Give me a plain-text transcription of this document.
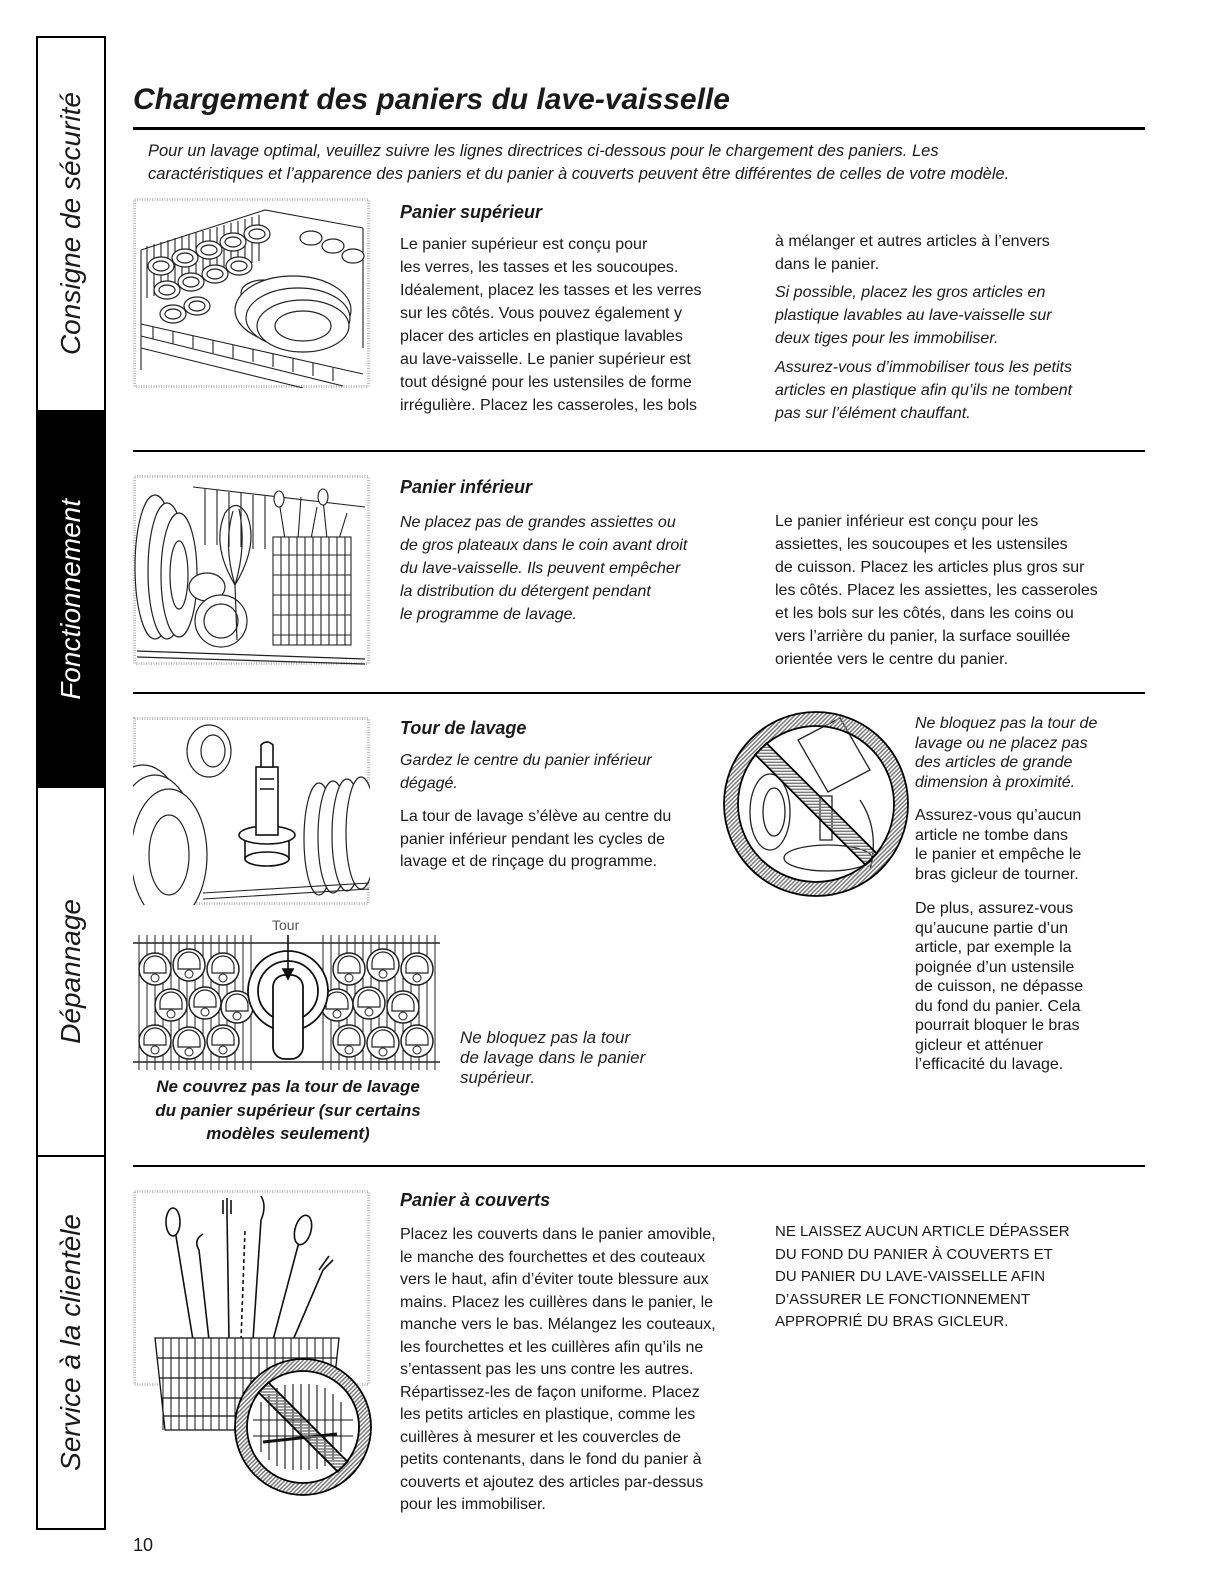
Consigne de sécurité
Fonctionnement
Dépannage
Service à la clientèle
Chargement des paniers du lave-vaisselle

Pour un lavage optimal, veuillez suivre les lignes directrices ci-dessous pour le chargement des paniers. Les
caractéristiques et l’apparence des paniers et du panier à couverts peuvent être différentes de celles de votre modèle.

Panier supérieur

Le panier supérieur est conçu pour
les verres, les tasses et les soucoupes.
Idéalement, placez les tasses et les verres
sur les côtés. Vous pouvez également y
placer des articles en plastique lavables
au lave-vaisselle. Le panier supérieur est
tout désigné pour les ustensiles de forme
irrégulière. Placez les casseroles, les bols

à mélanger et autres articles à l’envers
dans le panier.

Si possible, placez les gros articles en
plastique lavables au lave-vaisselle sur
deux tiges pour les immobiliser.

Assurez-vous d’immobiliser tous les petits
articles en plastique afin qu’ils ne tombent
pas sur l’élément chauffant.

Panier inférieur

Ne placez pas de grandes assiettes ou
de gros plateaux dans le coin avant droit
du lave-vaisselle. Ils peuvent empêcher
la distribution du détergent pendant
le programme de lavage.

Le panier inférieur est conçu pour les
assiettes, les soucoupes et les ustensiles
de cuisson. Placez les articles plus gros sur
les côtés. Placez les assiettes, les casseroles
et les bols sur les côtés, dans les coins ou
vers l’arrière du panier, la surface souillée
orientée vers le centre du panier.

Tour de lavage

Gardez le centre du panier inférieur
dégagé.

La tour de lavage s’élève au centre du
panier inférieur pendant les cycles de
lavage et de rinçage du programme.

Ne bloquez pas la tour de
lavage ou ne placez pas
des articles de grande
dimension à proximité.

Assurez-vous qu’aucun
article ne tombe dans
le panier et empêche le
bras gicleur de tourner.

De plus, assurez-vous
qu’aucune partie d’un
article, par exemple la
poignée d’un ustensile
de cuisson, ne dépasse
du fond du panier. Cela
pourrait bloquer le bras
gicleur et atténuer
l’efficacité du lavage.

Tour

Ne couvrez pas la tour de lavage
du panier supérieur (sur certains
modèles seulement)

Ne bloquez pas la tour
de lavage dans le panier
supérieur.

Panier à couverts

Placez les couverts dans le panier amovible,
le manche des fourchettes et des couteaux
vers le haut, afin d’éviter toute blessure aux
mains. Placez les cuillères dans le panier, le
manche vers le bas. Mélangez les couteaux,
les fourchettes et les cuillères afin qu’ils ne
s’entassent pas les uns contre les autres.
Répartissez-les de façon uniforme. Placez
les petits articles en plastique, comme les
cuillères à mesurer et les couvercles de
petits contenants, dans le fond du panier à
couverts et ajoutez des articles par-dessus
pour les immobiliser.

NE LAISSEZ AUCUN ARTICLE DÉPASSER
DU FOND DU PANIER À COUVERTS ET
DU PANIER DU LAVE-VAISSELLE AFIN
D’ASSURER LE FONCTIONNEMENT
APPROPRIÉ DU BRAS GICLEUR.

10
